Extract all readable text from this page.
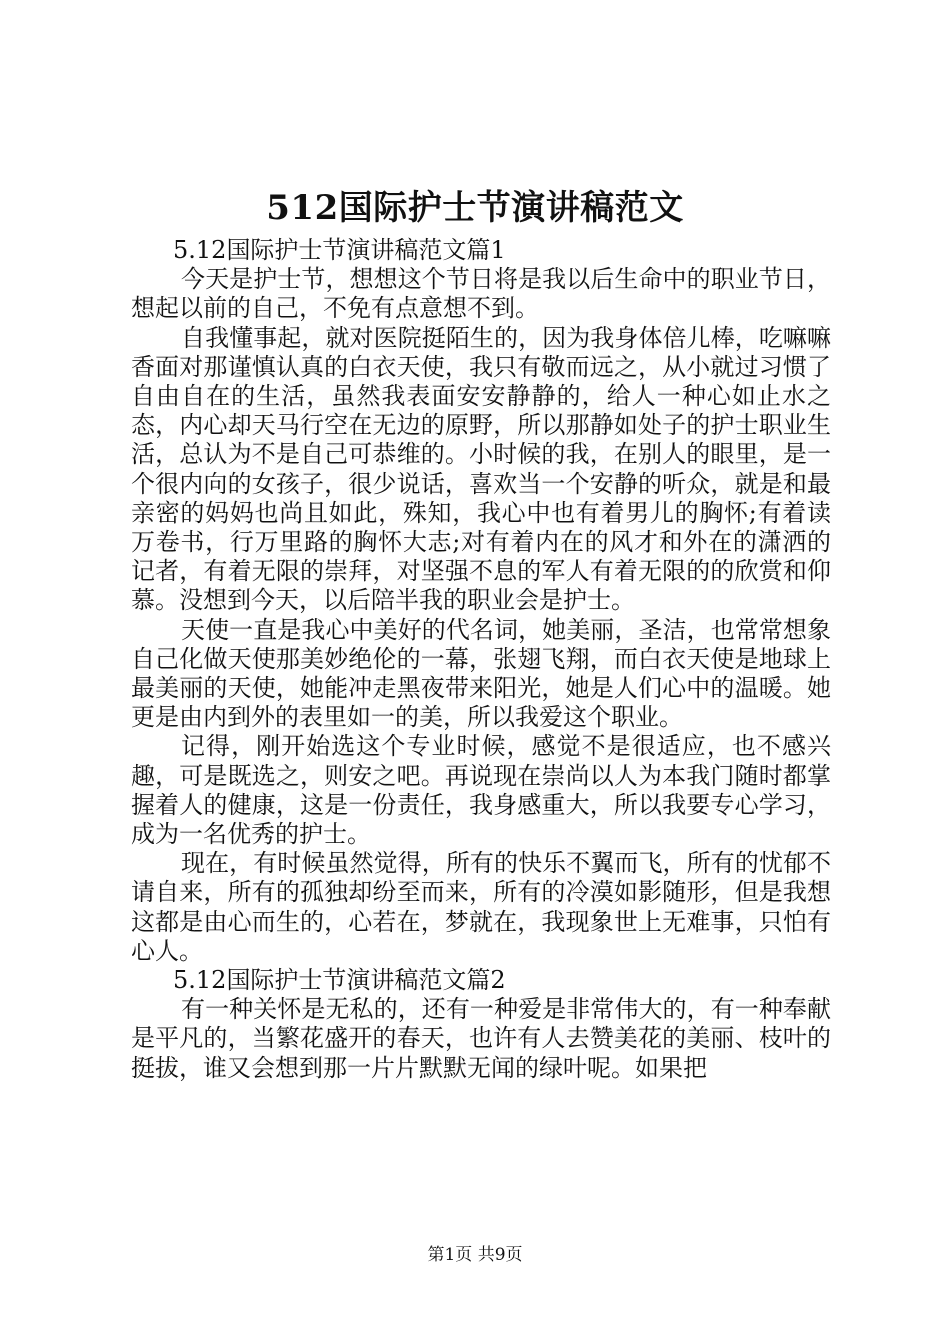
512国际护士节演讲稿范文

5.12国际护士节演讲稿范文篇1

今天是护士节，想想这个节日将是我以后生命中的职业节日，想起以前的自己，不免有点意想不到。

自我懂事起，就对医院挺陌生的，因为我身体倍儿棒，吃嘛嘛香面对那谨慎认真的白衣天使，我只有敬而远之，从小就过习惯了自由自在的生活，虽然我表面安安静静的，给人一种心如止水之态，内心却天马行空在无边的原野，所以那静如处子的护士职业生活，总认为不是自己可恭维的。小时候的我，在别人的眼里，是一个很内向的女孩子，很少说话，喜欢当一个安静的听众，就是和最亲密的妈妈也尚且如此，殊知，我心中也有着男儿的胸怀;有着读万卷书，行万里路的胸怀大志;对有着内在的风才和外在的潇洒的记者，有着无限的崇拜，对坚强不息的军人有着无限的的欣赏和仰慕。没想到今天，以后陪半我的职业会是护士。

天使一直是我心中美好的代名词，她美丽，圣洁，也常常想象自己化做天使那美妙绝伦的一幕，张翅飞翔，而白衣天使是地球上最美丽的天使，她能冲走黑夜带来阳光，她是人们心中的温暖。她更是由内到外的表里如一的美，所以我爱这个职业。

记得，刚开始选这个专业时候，感觉不是很适应，也不感兴趣，可是既选之，则安之吧。再说现在崇尚以人为本我门随时都掌握着人的健康，这是一份责任，我身感重大，所以我要专心学习，成为一名优秀的护士。

现在，有时候虽然觉得，所有的快乐不翼而飞，所有的忧郁不请自来，所有的孤独却纷至而来，所有的冷漠如影随形，但是我想这都是由心而生的，心若在，梦就在，我现象世上无难事，只怕有心人。

5.12国际护士节演讲稿范文篇2

有一种关怀是无私的，还有一种爱是非常伟大的，有一种奉献是平凡的，当繁花盛开的春天，也许有人去赞美花的美丽、枝叶的挺拔，谁又会想到那一片片默默无闻的绿叶呢。如果把

第1页 共9页
